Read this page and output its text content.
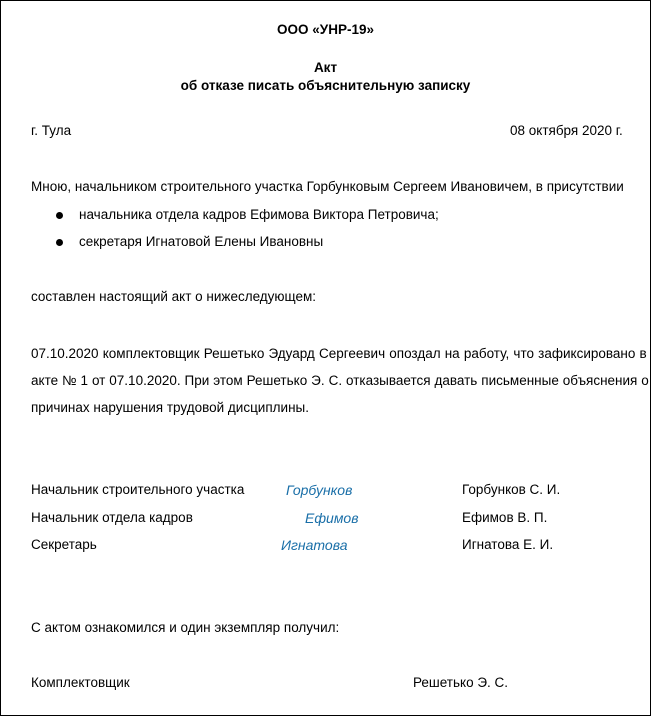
ООО «УНР-19»
Акт
об отказе писать объяснительную записку
г. Тула	08 октября 2020 г.
Мною, начальником строительного участка Горбунковым Сергеем Ивановичем, в присутствии
начальника отдела кадров Ефимова Виктора Петровича;
секретаря Игнатовой Елены Ивановны
составлен настоящий акт о нижеследующем:
07.10.2020 комплектовщик Решетько Эдуард Сергеевич опоздал на работу, что зафиксировано в
акте № 1 от 07.10.2020. При этом Решетько Э. С. отказывается давать письменные объяснения о
причинах нарушения трудовой дисциплины.
Начальник строительного участка	Горбунков	Горбунков С. И.
Начальник отдела кадров	Ефимов	Ефимов В. П.
Секретарь	Игнатова	Игнатова Е. И.
С актом ознакомился и один экземпляр получил:
Комплектовщик	Решетько Э. С.
